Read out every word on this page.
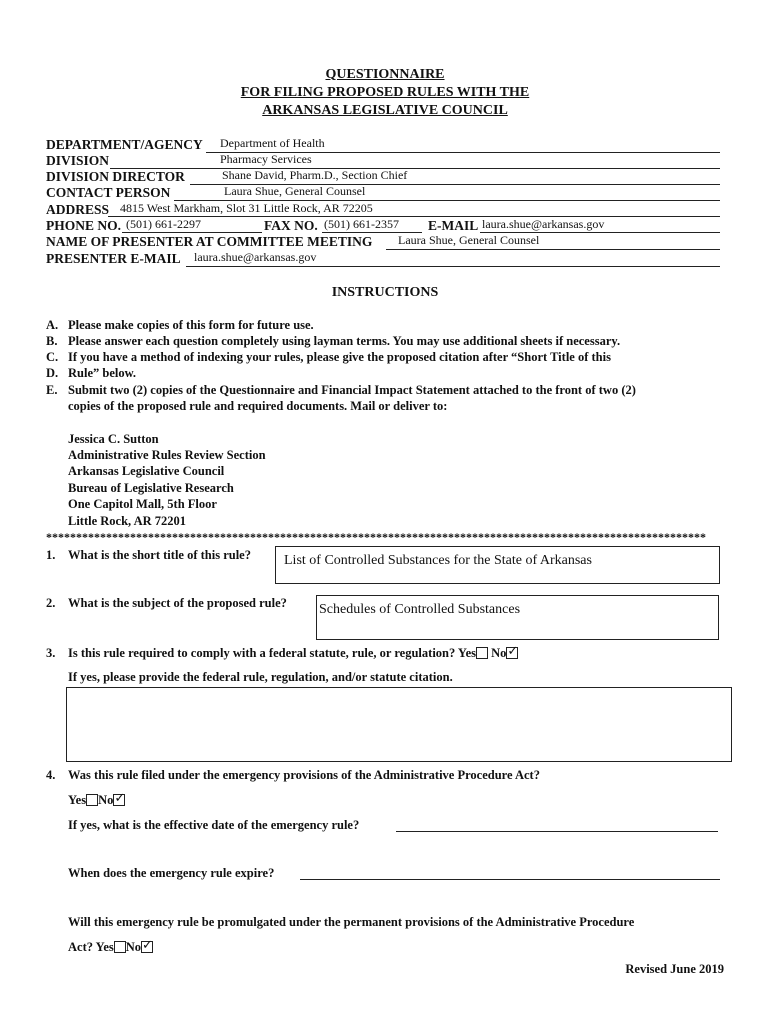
QUESTIONNAIRE
FOR FILING PROPOSED RULES WITH THE
ARKANSAS LEGISLATIVE COUNCIL
DEPARTMENT/AGENCY Department of Health
DIVISION	Pharmacy Services
DIVISION DIRECTOR	Shane David, Pharm.D., Section Chief
CONTACT PERSON	Laura Shue, General Counsel
ADDRESS 4815 West Markham, Slot 31 Little Rock, AR 72205
PHONE NO. (501) 661-2297	FAX NO. (501) 661-2357 E-MAIL laura.shue@arkansas.gov
NAME OF PRESENTER AT COMMITTEE MEETING Laura Shue, General Counsel
PRESENTER E-MAIL laura.shue@arkansas.gov
INSTRUCTIONS
A. Please make copies of this form for future use.
B. Please answer each question completely using layman terms. You may use additional sheets if necessary.
C. If you have a method of indexing your rules, please give the proposed citation after “Short Title of this
D. Rule” below.
E. Submit two (2) copies of the Questionnaire and Financial Impact Statement attached to the front of two (2)
copies of the proposed rule and required documents. Mail or deliver to:
Jessica C. Sutton
Administrative Rules Review Section
Arkansas Legislative Council
Bureau of Legislative Research
One Capitol Mall, 5th Floor
Little Rock, AR 72201
**************************************************************************************************************
1. What is the short title of this rule? List of Controlled Substances for the State of Arkansas
2. What is the subject of the proposed rule? Schedules of Controlled Substances
3. Is this rule required to comply with a federal statute, rule, or regulation? Yes No✓
If yes, please provide the federal rule, regulation, and/or statute citation.
4. Was this rule filed under the emergency provisions of the Administrative Procedure Act?
Yes No✓
If yes, what is the effective date of the emergency rule?
When does the emergency rule expire?
Will this emergency rule be promulgated under the permanent provisions of the Administrative Procedure
Act? Yes No✓
Revised June 2019
